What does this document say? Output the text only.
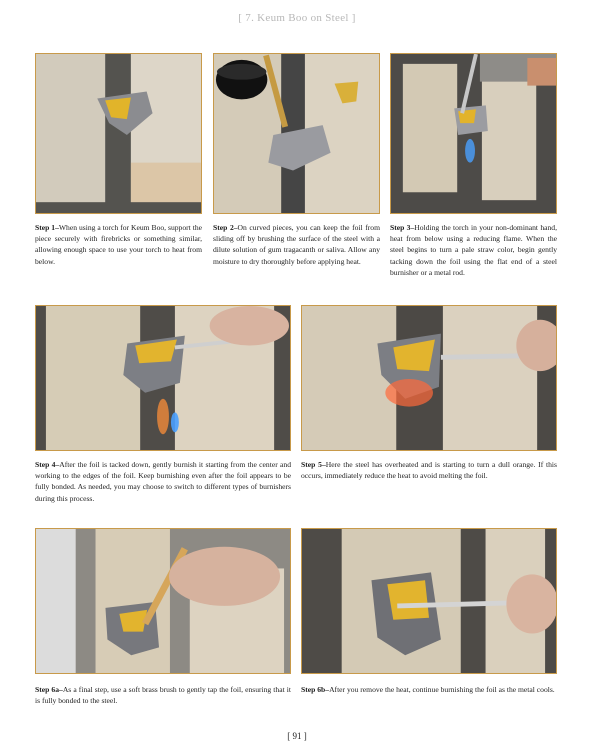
[ 7. Keum Boo on Steel ]
Step 1–When using a torch for Keum Boo, support the piece securely with firebricks or something similar, allowing enough space to use your torch to heat from below.
Step 2–On curved pieces, you can keep the foil from sliding off by brushing the surface of the steel with a dilute solution of gum tragacanth or saliva. Allow any moisture to dry thoroughly before applying heat.
Step 3–Holding the torch in your non-dominant hand, heat from below using a reducing flame. When the steel begins to turn a pale straw color, begin gently tacking down the foil using the flat end of a steel burnisher or a metal rod.
Step 4–After the foil is tacked down, gently burnish it starting from the center and working to the edges of the foil. Keep burnishing even after the foil appears to be fully bonded. As needed, you may choose to switch to different types of burnishers during this process.
Step 5–Here the steel has overheated and is starting to turn a dull orange. If this occurs, immediately reduce the heat to avoid melting the foil.
Step 6a–As a final step, use a soft brass brush to gently tap the foil, ensuring that it is fully bonded to the steel.
Step 6b–After you remove the heat, continue burnishing the foil as the metal cools.
[ 91 ]
